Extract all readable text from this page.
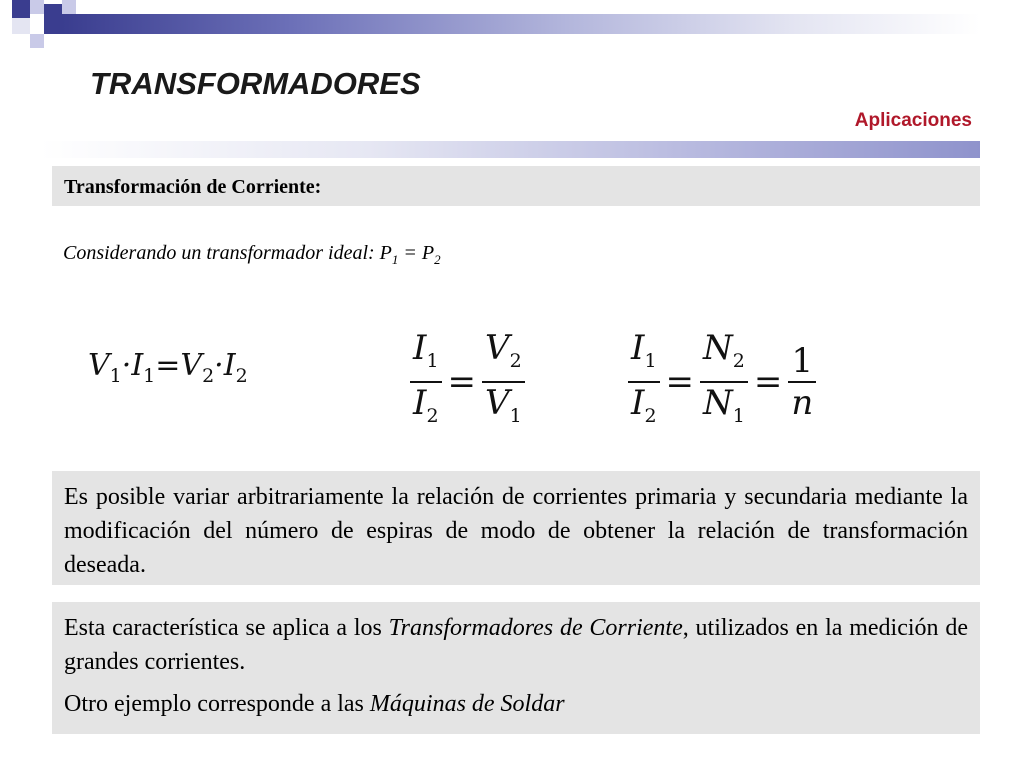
TRANSFORMADORES
Aplicaciones
Transformación de Corriente:
Considerando un transformador ideal: $P_1 = P_2$
$V_1\cdot I_1=V_2\cdot I_2$	$\frac{I_1}{I_2} = \frac{V_2}{V_1}$	$\frac{I_1}{I_2} = \frac{N_2}{N_1} = \frac{1}{n}$
Es posible variar arbitrariamente la relación de corrientes primaria y secundaria mediante la modificación del número de espiras de modo de obtener la relación de transformación deseada.

Esta característica se aplica a los Transformadores de Corriente, utilizados en la medición de grandes corrientes.

Otro ejemplo corresponde a las Máquinas de Soldar
